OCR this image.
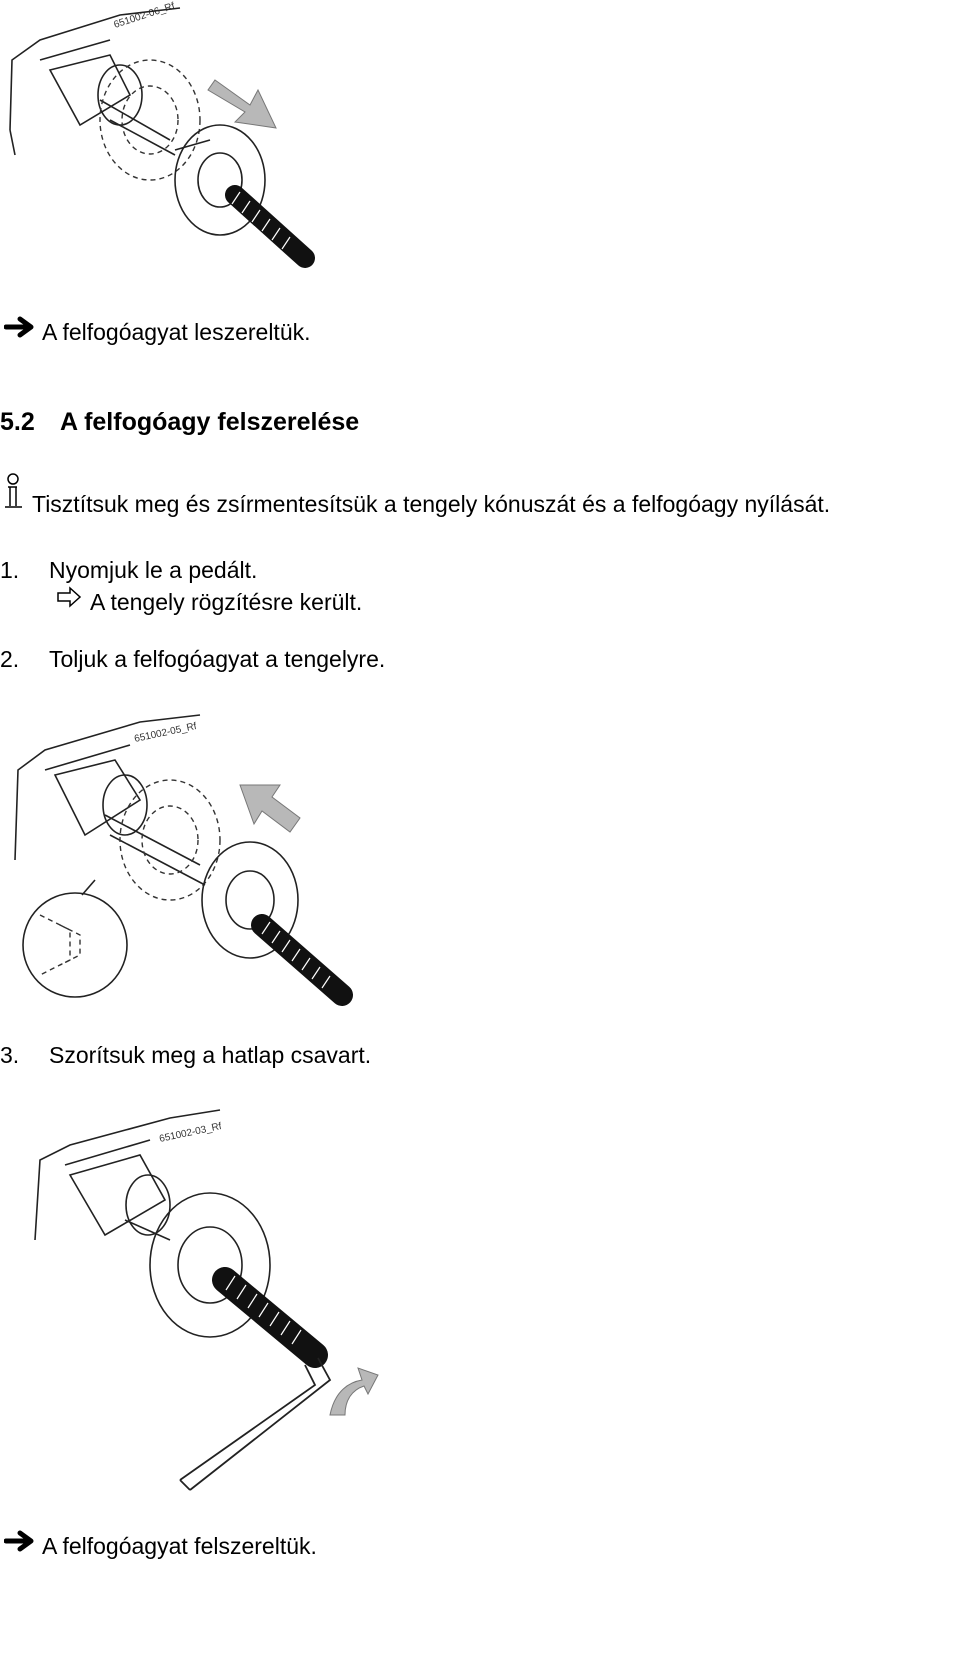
651002-06_Rf
A felfogóagyat leszereltük.
5.2 A felfogóagy felszerelése
Tisztítsuk meg és zsírmentesítsük a tengely kónuszát és a felfogóagy nyílását.
1. Nyomjuk le a pedált.
A tengely rögzítésre került.
2. Toljuk a felfogóagyat a tengelyre.
651002-05_Rf
3. Szorítsuk meg a hatlap csavart.
651002-03_Rf
A felfogóagyat felszereltük.
